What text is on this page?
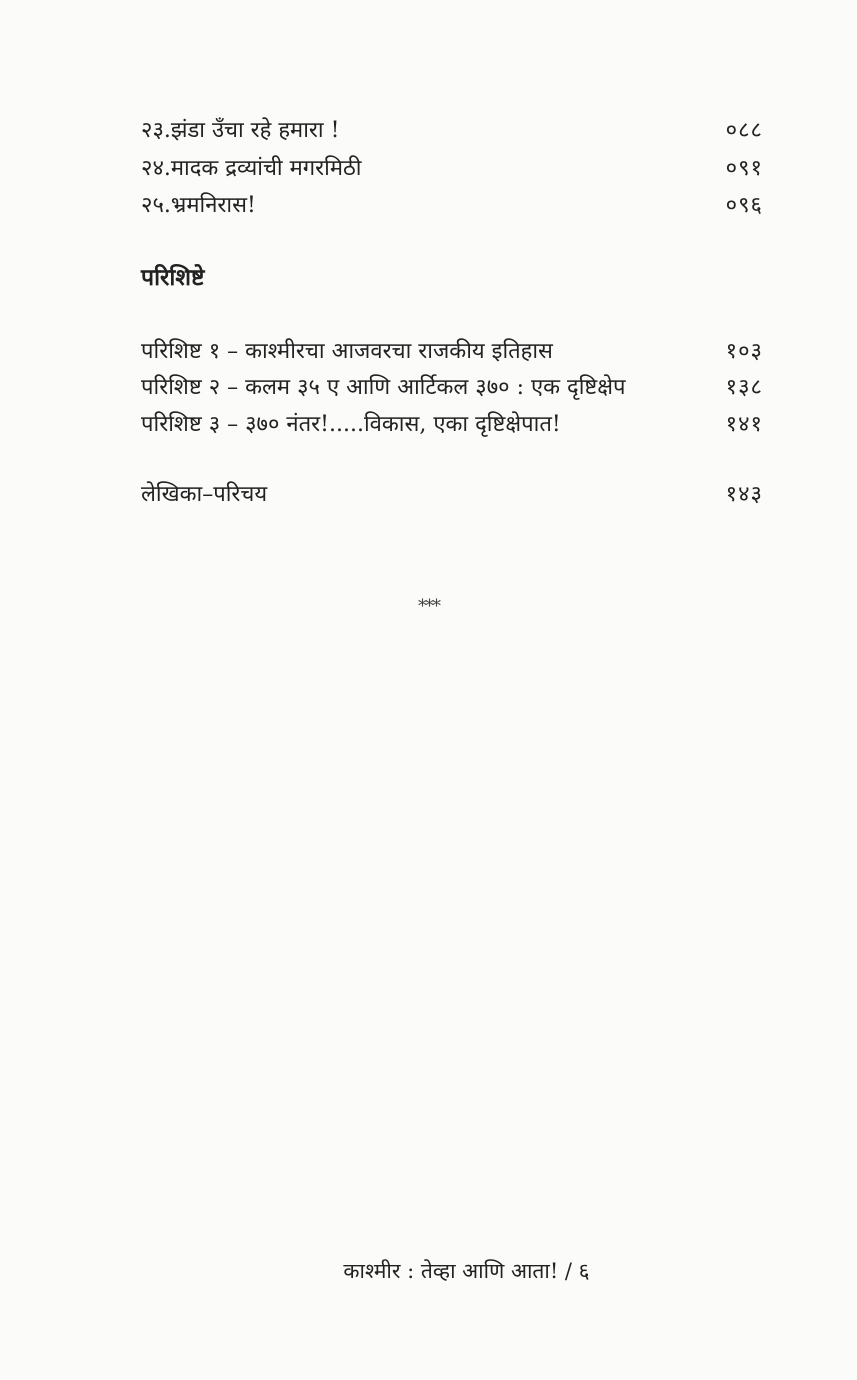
२३.झंडा उँचा रहे हमारा !	०८८
२४.मादक द्रव्यांची मगरमिठी	०९१
२५.भ्रमनिरास!	०९६
परिशिष्टे
परिशिष्ट १ – काश्मीरचा आजवरचा राजकीय इतिहास	१०३
परिशिष्ट २ – कलम ३५ ए आणि आर्टिकल ३७० : एक दृष्टिक्षेप	१३८
परिशिष्ट ३ – ३७० नंतर!.....विकास, एका दृष्टिक्षेपात!	१४१
लेखिका–परिचय	१४३
***
काश्मीर : तेव्हा आणि आता! / ६
